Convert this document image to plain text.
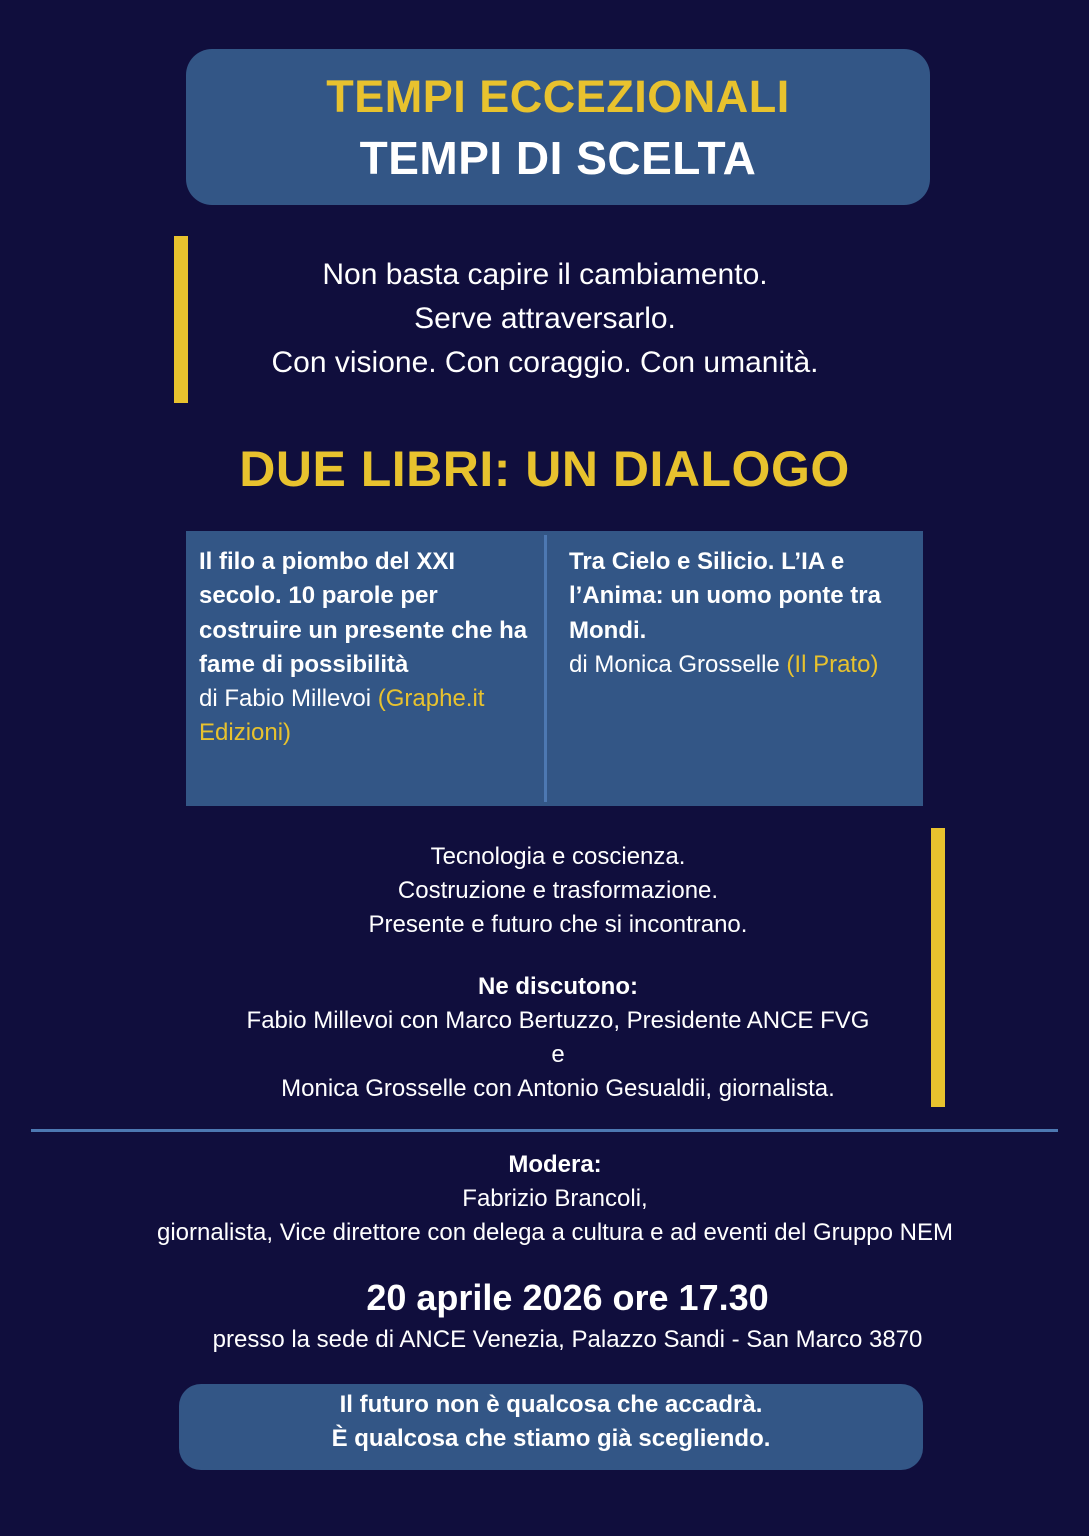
TEMPI ECCEZIONALI
TEMPI DI SCELTA
Non basta capire il cambiamento.
Serve attraversarlo.
Con visione. Con coraggio. Con umanità.
DUE LIBRI: UN DIALOGO
Il filo a piombo del XXI secolo. 10 parole per costruire un presente che ha fame di possibilità
di Fabio Millevoi (Graphe.it Edizioni)
Tra Cielo e Silicio. L’IA e l’Anima: un uomo ponte tra Mondi.
di Monica Grosselle (Il Prato)
Tecnologia e coscienza.
Costruzione e trasformazione.
Presente e futuro che si incontrano.
Ne discutono:
Fabio Millevoi con Marco Bertuzzo, Presidente ANCE FVG
e
Monica Grosselle con Antonio Gesualdii, giornalista.
Modera:
Fabrizio Brancoli,
giornalista, Vice direttore con delega a cultura e ad eventi del Gruppo NEM
20 aprile 2026 ore 17.30
presso la sede di ANCE Venezia, Palazzo Sandi - San Marco 3870
Il futuro non è qualcosa che accadrà.
È qualcosa che stiamo già scegliendo.
